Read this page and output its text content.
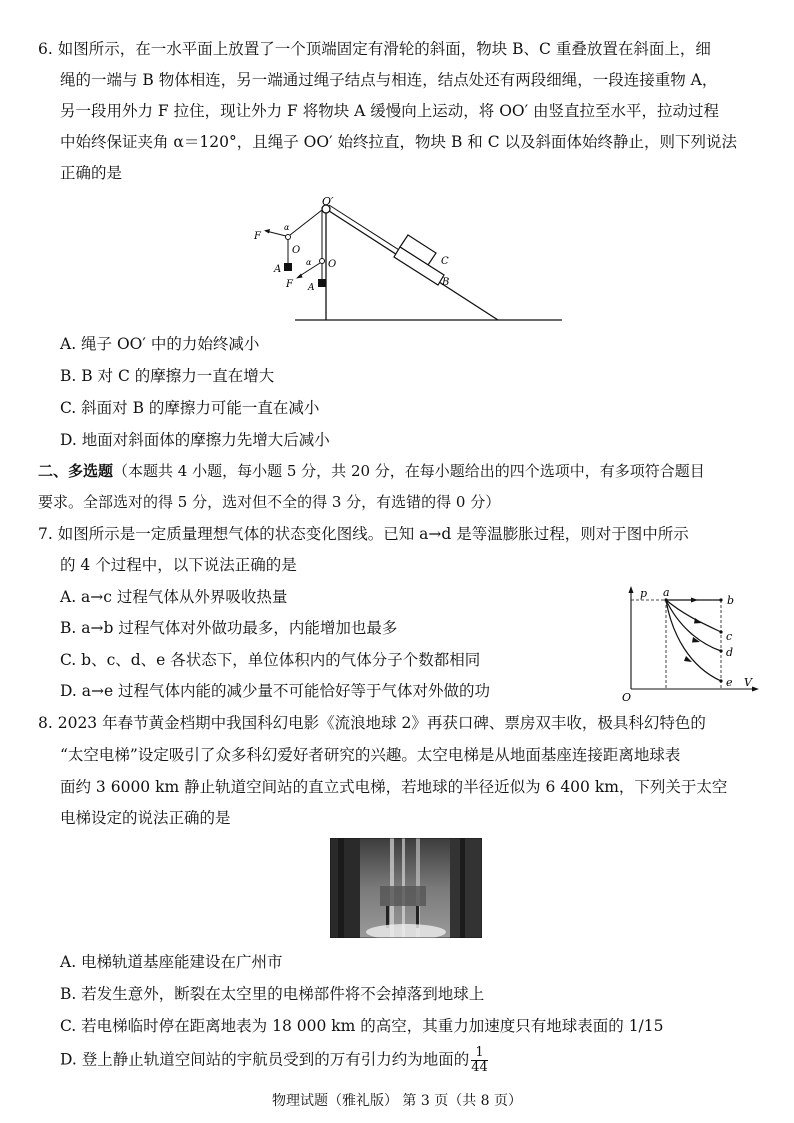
6. 如图所示，在一水平面上放置了一个顶端固定有滑轮的斜面，物块 B、C 重叠放置在斜面上，细
绳的一端与 B 物体相连，另一端通过绳子结点与相连，结点处还有两段细绳，一段连接重物 A，
另一段用外力 F 拉住，现让外力 F 将物块 A 缓慢向上运动，将 OO′ 由竖直拉至水平，拉动过程
中始终保证夹角 α＝120°，且绳子 OO′ 始终拉直，物块 B 和 C 以及斜面体始终静止，则下列说法
正确的是
O′
F
α
O
A
α O
F A
C
B
A. 绳子 OO′ 中的力始终减小
B. B 对 C 的摩擦力一直在增大
C. 斜面对 B 的摩擦力可能一直在减小
D. 地面对斜面体的摩擦力先增大后减小
二、多选题（本题共 4 小题，每小题 5 分，共 20 分，在每小题给出的四个选项中，有多项符合题目
要求。全部选对的得 5 分，选对但不全的得 3 分，有选错的得 0 分）
7. 如图所示是一定质量理想气体的状态变化图线。已知 a→d 是等温膨胀过程，则对于图中所示
的 4 个过程中，以下说法正确的是
A. a→c 过程气体从外界吸收热量
B. a→b 过程气体对外做功最多，内能增加也最多
C. b、c、d、e 各状态下，单位体积内的气体分子个数都相同
D. a→e 过程气体内能的减少量不可能恰好等于气体对外做的功
p
V
O
a
b
c
d
e
8. 2023 年春节黄金档期中我国科幻电影《流浪地球 2》再获口碑、票房双丰收，极具科幻特色的
“太空电梯”设定吸引了众多科幻爱好者研究的兴趣。太空电梯是从地面基座连接距离地球表
面约 3 6000 km 静止轨道空间站的直立式电梯，若地球的半径近似为 6 400 km，下列关于太空
电梯设定的说法正确的是
A. 电梯轨道基座能建设在广州市
B. 若发生意外，断裂在太空里的电梯部件将不会掉落到地球上
C. 若电梯临时停在距离地表为 18 000 km 的高空，其重力加速度只有地球表面的 1/15
D. 登上静止轨道空间站的宇航员受到的万有引力约为地面的 $\frac{1}{44}$
物理试题（雅礼版） 第 3 页（共 8 页）
